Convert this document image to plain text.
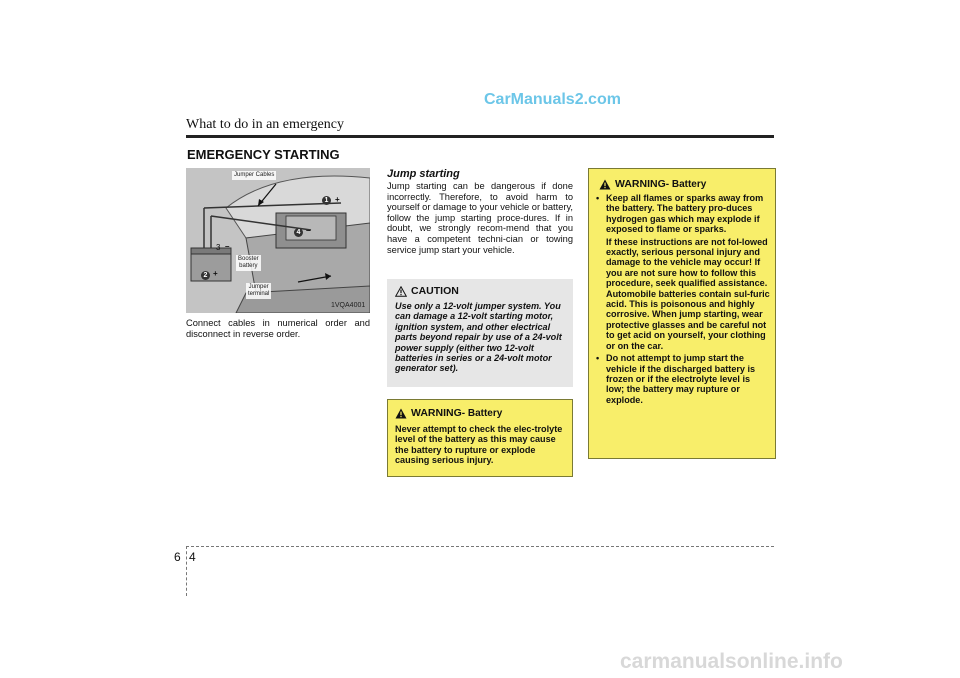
CarManuals2.com
What to do in an emergency
EMERGENCY STARTING
Jumper Cables
Booster
battery
Jumper
terminal
1 +
2 +
3 –
4 –
1VQA4001
Connect cables in numerical order and disconnect in reverse order.
Jump starting
Jump starting can be dangerous if done incorrectly. Therefore, to avoid harm to yourself or damage to your vehicle or battery, follow the jump starting proce-dures. If in doubt, we strongly recom-mend that you have a competent techni-cian or towing service jump start your vehicle.
CAUTION
Use only a 12-volt jumper system. You can damage a 12-volt starting motor, ignition system, and other electrical parts beyond repair by use of a 24-volt power supply (either two 12-volt batteries in series or a 24-volt motor generator set).
WARNING - Battery
Never attempt to check the elec-trolyte level of the battery as this may cause the battery to rupture or explode causing serious injury.
WARNING - Battery
• Keep all flames or sparks away from the battery. The battery pro-duces hydrogen gas which may explode if exposed to flame or sparks.
If these instructions are not fol-lowed exactly, serious personal injury and damage to the vehicle may occur! If you are not sure how to follow this procedure, seek qualified assistance. Automobile batteries contain sul-furic acid. This is poisonous and highly corrosive. When jump starting, wear protective glasses and be careful not to get acid on yourself, your clothing or on the car.
• Do not attempt to jump start the vehicle if the discharged battery is frozen or if the electrolyte level is low; the battery may rupture or explode.
6 4
carmanualsonline.info
